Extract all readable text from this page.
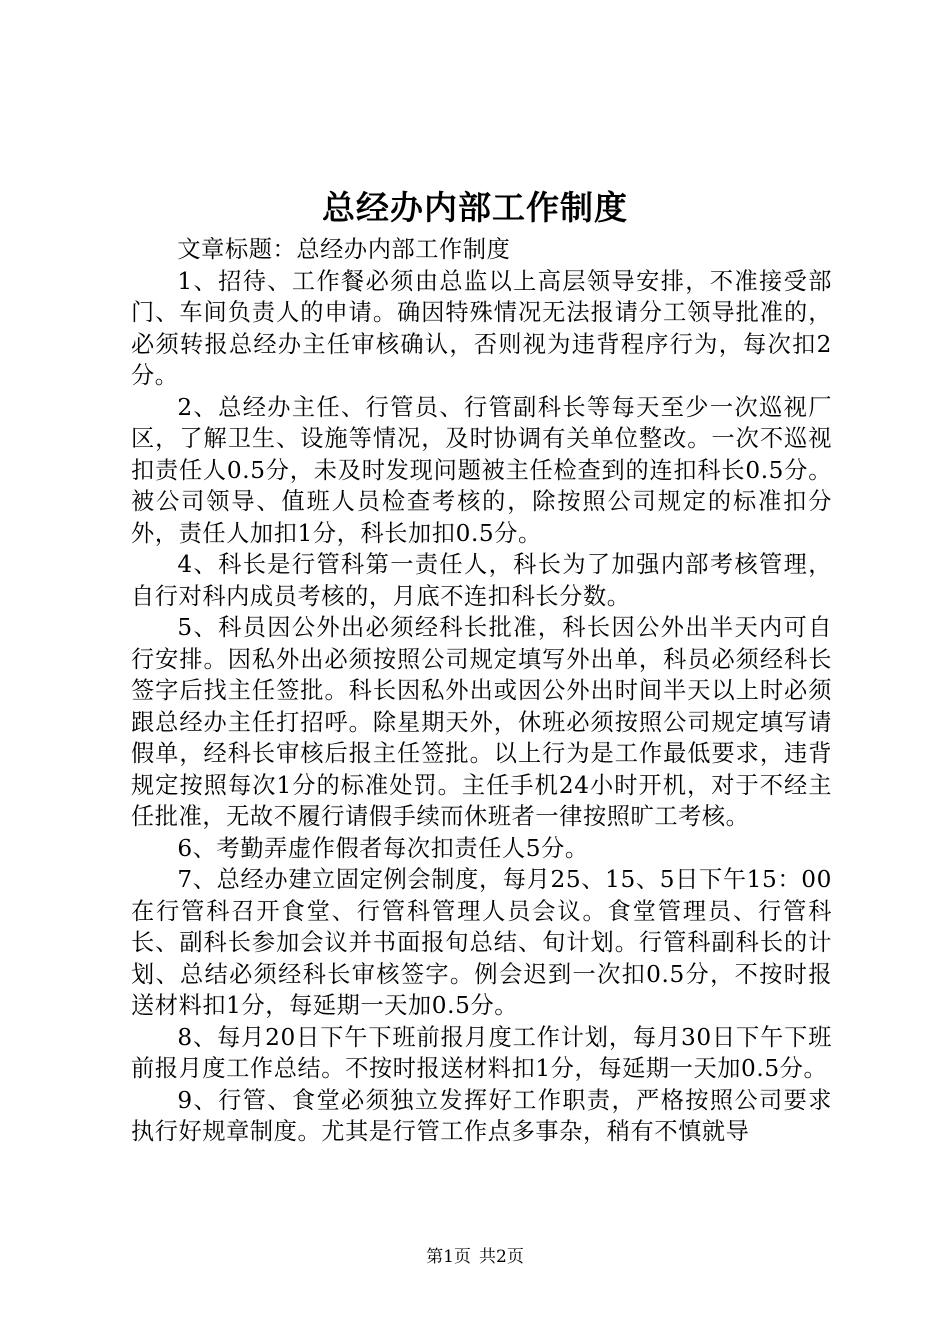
总经办内部工作制度

文章标题：总经办内部工作制度

1、招待、工作餐必须由总监以上高层领导安排，不准接受部门、车间负责人的申请。确因特殊情况无法报请分工领导批准的，必须转报总经办主任审核确认，否则视为违背程序行为，每次扣2分。

2、总经办主任、行管员、行管副科长等每天至少一次巡视厂区，了解卫生、设施等情况，及时协调有关单位整改。一次不巡视扣责任人0.5分，未及时发现问题被主任检查到的连扣科长0.5分。被公司领导、值班人员检查考核的，除按照公司规定的标准扣分外，责任人加扣1分，科长加扣0.5分。

4、科长是行管科第一责任人，科长为了加强内部考核管理，自行对科内成员考核的，月底不连扣科长分数。

5、科员因公外出必须经科长批准，科长因公外出半天内可自行安排。因私外出必须按照公司规定填写外出单，科员必须经科长签字后找主任签批。科长因私外出或因公外出时间半天以上时必须跟总经办主任打招呼。除星期天外，休班必须按照公司规定填写请假单，经科长审核后报主任签批。以上行为是工作最低要求，违背规定按照每次1分的标准处罚。主任手机24小时开机，对于不经主任批准，无故不履行请假手续而休班者一律按照旷工考核。

6、考勤弄虚作假者每次扣责任人5分。

7、总经办建立固定例会制度，每月25、15、5日下午15：00在行管科召开食堂、行管科管理人员会议。食堂管理员、行管科长、副科长参加会议并书面报旬总结、旬计划。行管科副科长的计划、总结必须经科长审核签字。例会迟到一次扣0.5分，不按时报送材料扣1分，每延期一天加0.5分。

8、每月20日下午下班前报月度工作计划，每月30日下午下班前报月度工作总结。不按时报送材料扣1分，每延期一天加0.5分。

9、行管、食堂必须独立发挥好工作职责，严格按照公司要求执行好规章制度。尤其是行管工作点多事杂，稍有不慎就导

第1页 共2页
